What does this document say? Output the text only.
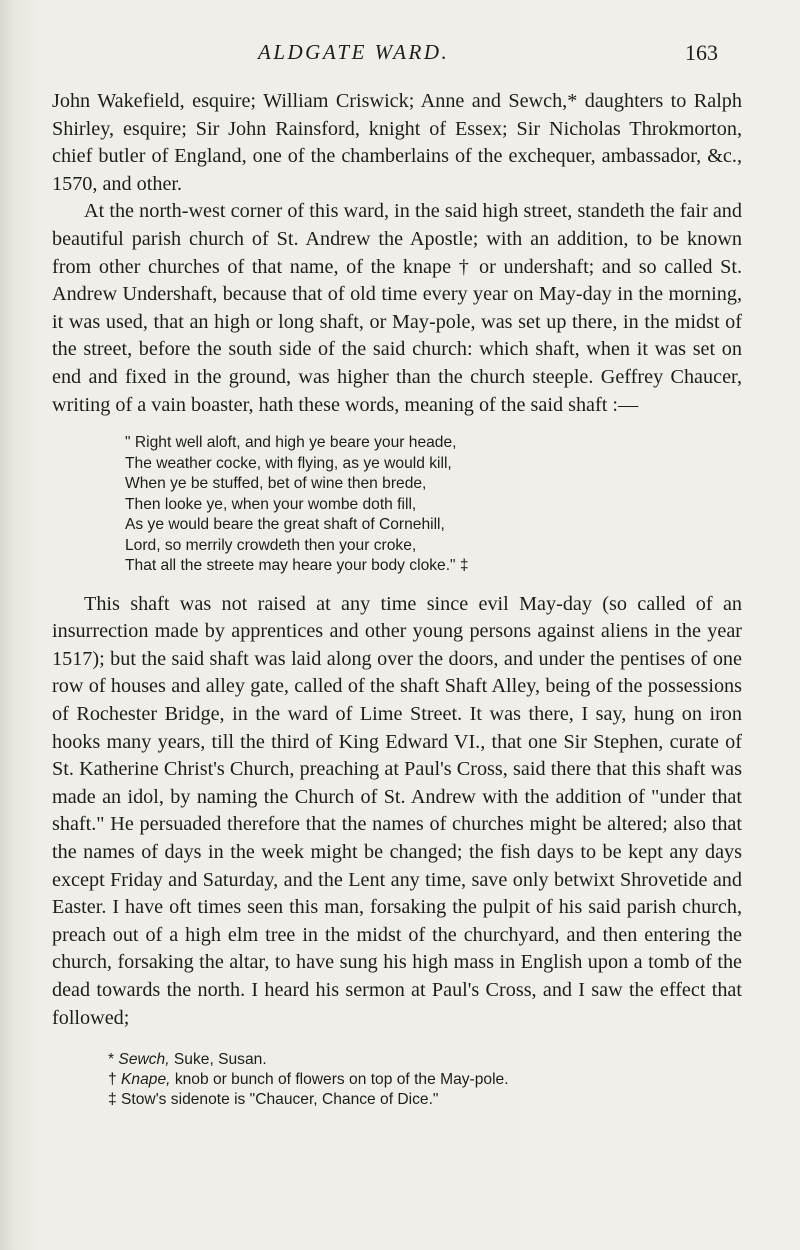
ALDGATE WARD.	163

John Wakefield, esquire; William Criswick; Anne and Sewch,* daughters to Ralph Shirley, esquire; Sir John Rainsford, knight of Essex; Sir Nicholas Throkmorton, chief butler of England, one of the chamberlains of the exchequer, ambassador, &c., 1570, and other.

At the north-west corner of this ward, in the said high street, standeth the fair and beautiful parish church of St. Andrew the Apostle; with an addition, to be known from other churches of that name, of the knape † or undershaft; and so called St. Andrew Undershaft, because that of old time every year on May-day in the morning, it was used, that an high or long shaft, or May-pole, was set up there, in the midst of the street, before the south side of the said church: which shaft, when it was set on end and fixed in the ground, was higher than the church steeple. Geffrey Chaucer, writing of a vain boaster, hath these words, meaning of the said shaft :—

" Right well aloft, and high ye beare your heade,
The weather cocke, with flying, as ye would kill,
When ye be stuffed, bet of wine then brede,
Then looke ye, when your wombe doth fill,
As ye would beare the great shaft of Cornehill,
Lord, so merrily crowdeth then your croke,
That all the streete may heare your body cloke." ‡

This shaft was not raised at any time since evil May-day (so called of an insurrection made by apprentices and other young persons against aliens in the year 1517); but the said shaft was laid along over the doors, and under the pentises of one row of houses and alley gate, called of the shaft Shaft Alley, being of the possessions of Rochester Bridge, in the ward of Lime Street. It was there, I say, hung on iron hooks many years, till the third of King Edward VI., that one Sir Stephen, curate of St. Katherine Christ's Church, preaching at Paul's Cross, said there that this shaft was made an idol, by naming the Church of St. Andrew with the addition of "under that shaft." He persuaded therefore that the names of churches might be altered; also that the names of days in the week might be changed; the fish days to be kept any days except Friday and Saturday, and the Lent any time, save only betwixt Shrovetide and Easter. I have oft times seen this man, forsaking the pulpit of his said parish church, preach out of a high elm tree in the midst of the churchyard, and then entering the church, forsaking the altar, to have sung his high mass in English upon a tomb of the dead towards the north. I heard his sermon at Paul's Cross, and I saw the effect that followed;

* Sewch, Suke, Susan.
† Knape, knob or bunch of flowers on top of the May-pole.
‡ Stow's sidenote is "Chaucer, Chance of Dice."
